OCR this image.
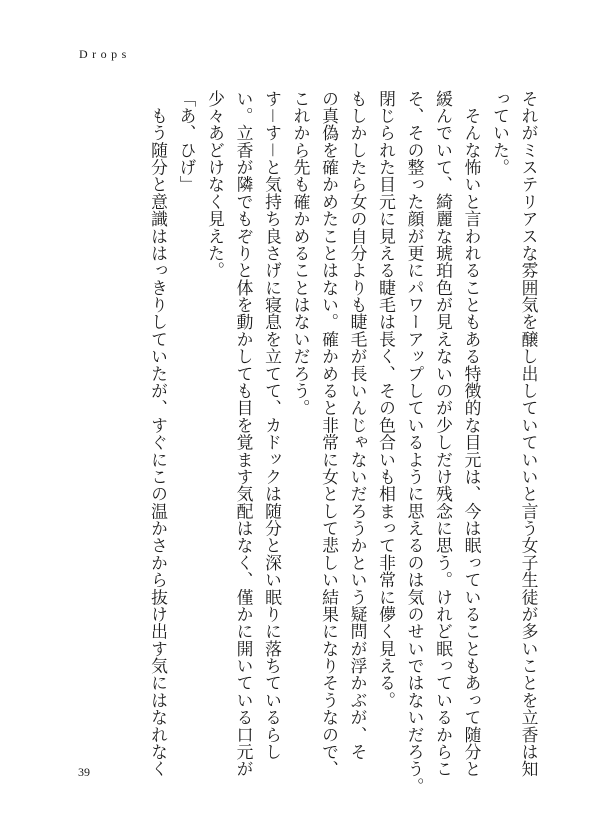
Drops

それがミステリアスな雰囲気を醸し出していていいと言う女子生徒が多いことを立香は知

っていた。

　そんな怖いと言われることもある特徴的な目元は、今は眠っていることもあって随分と

緩んでいて、綺麗な琥珀色が見えないのが少しだけ残念に思う。けれど眠っているからこ

そ、その整った顔が更にパワーアップしているように思えるのは気のせいではないだろう。

閉じられた目元に見える睫毛は長く、その色合いも相まって非常に儚く見える。

もしかしたら女の自分よりも睫毛が長いんじゃないだろうかという疑問が浮かぶが、そ

の真偽を確かめたことはない。確かめると非常に女として悲しい結果になりそうなので、

これから先も確かめることはないだろう。

す－す－と気持ち良さげに寝息を立てて、カドックは随分と深い眠りに落ちているらし

い。立香が隣でもぞりと体を動かしても目を覚ます気配はなく、僅かに開いている口元が

少々あどけなく見えた。

「あ、ひげ」

　もう随分と意識ははっきりしていたが、すぐにこの温かさから抜け出す気にはなれなく

39
